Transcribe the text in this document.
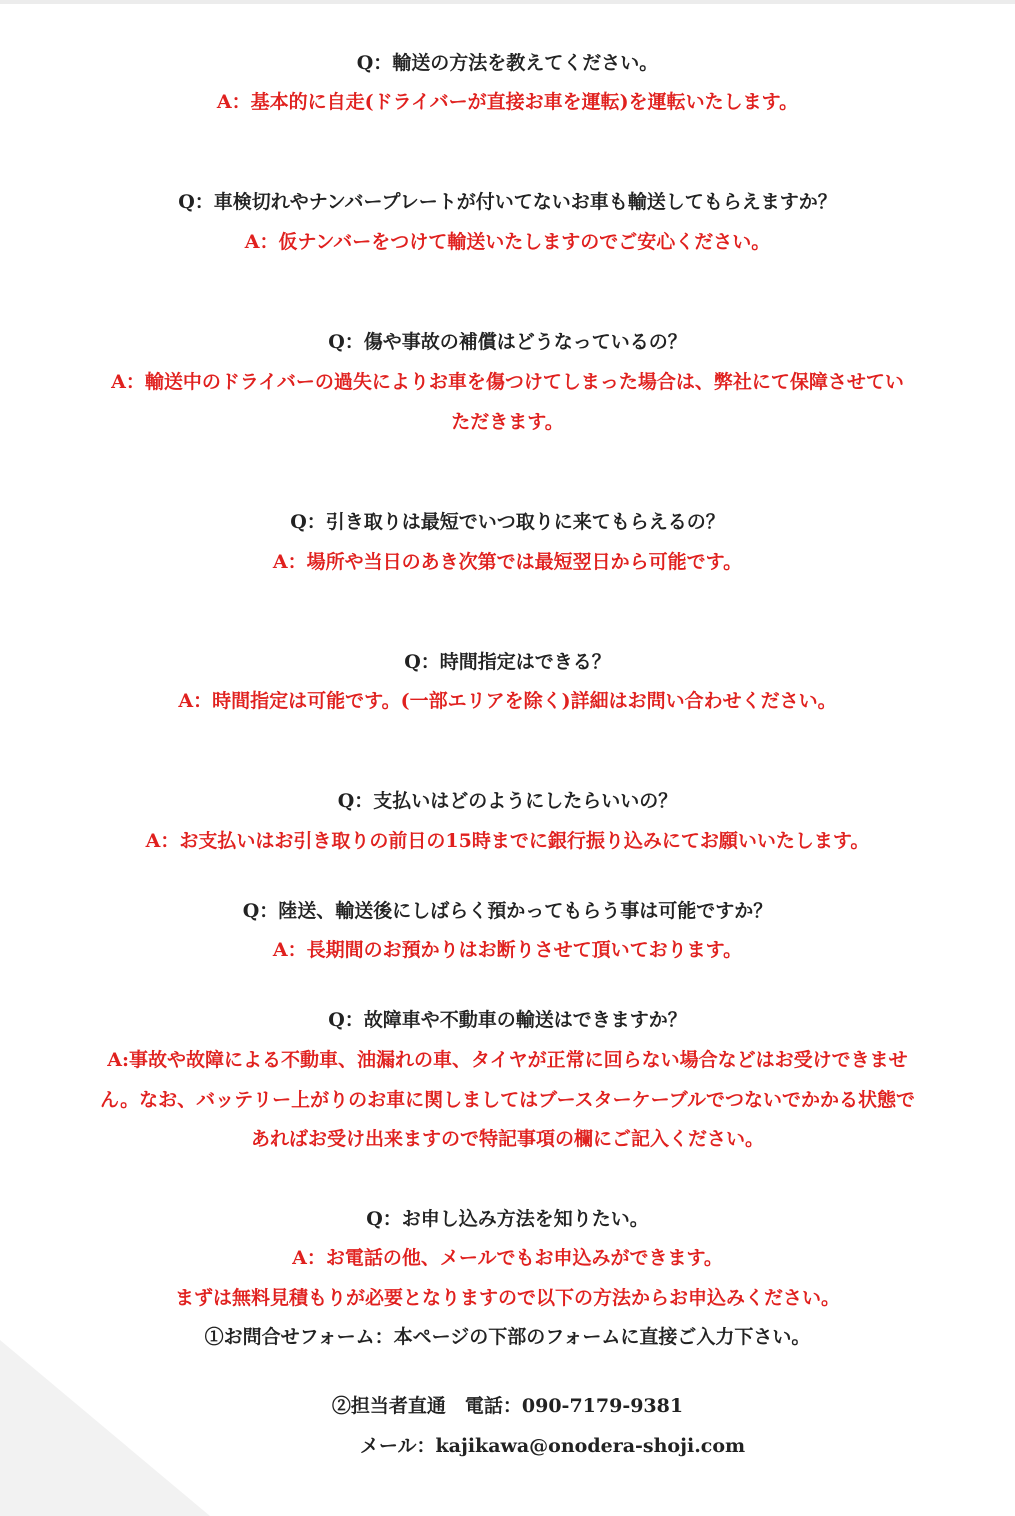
Q：輸送の方法を教えてください。
A：基本的に自走(ドライバーが直接お車を運転)を運転いたします。
Q：車検切れやナンバープレートが付いてないお車も輸送してもらえますか？
A：仮ナンバーをつけて輸送いたしますのでご安心ください。
Q：傷や事故の補償はどうなっているの？
A：輸送中のドライバーの過失によりお車を傷つけてしまった場合は、弊社にて保障させてい
ただきます。
Q：引き取りは最短でいつ取りに来てもらえるの？
A：場所や当日のあき次第では最短翌日から可能です。
Q：時間指定はできる？
A：時間指定は可能です。(一部エリアを除く)詳細はお問い合わせください。
Q：支払いはどのようにしたらいいの？
A：お支払いはお引き取りの前日の15時までに銀行振り込みにてお願いいたします。
Q：陸送、輸送後にしばらく預かってもらう事は可能ですか？
A：長期間のお預かりはお断りさせて頂いております。
Q：故障車や不動車の輸送はできますか？
A:事故や故障による不動車、油漏れの車、タイヤが正常に回らない場合などはお受けできませ
ん。なお、バッテリー上がりのお車に関しましてはブースターケーブルでつないでかかる状態で
あればお受け出来ますので特記事項の欄にご記入ください。
Q：お申し込み方法を知りたい。
A：お電話の他、メールでもお申込みができます。
まずは無料見積もりが必要となりますので以下の方法からお申込みください。
①お問合せフォーム：本ページの下部のフォームに直接ご入力下さい。
②担当者直通　電話：090-7179-9381
メール：kajikawa@onodera-shoji.com
